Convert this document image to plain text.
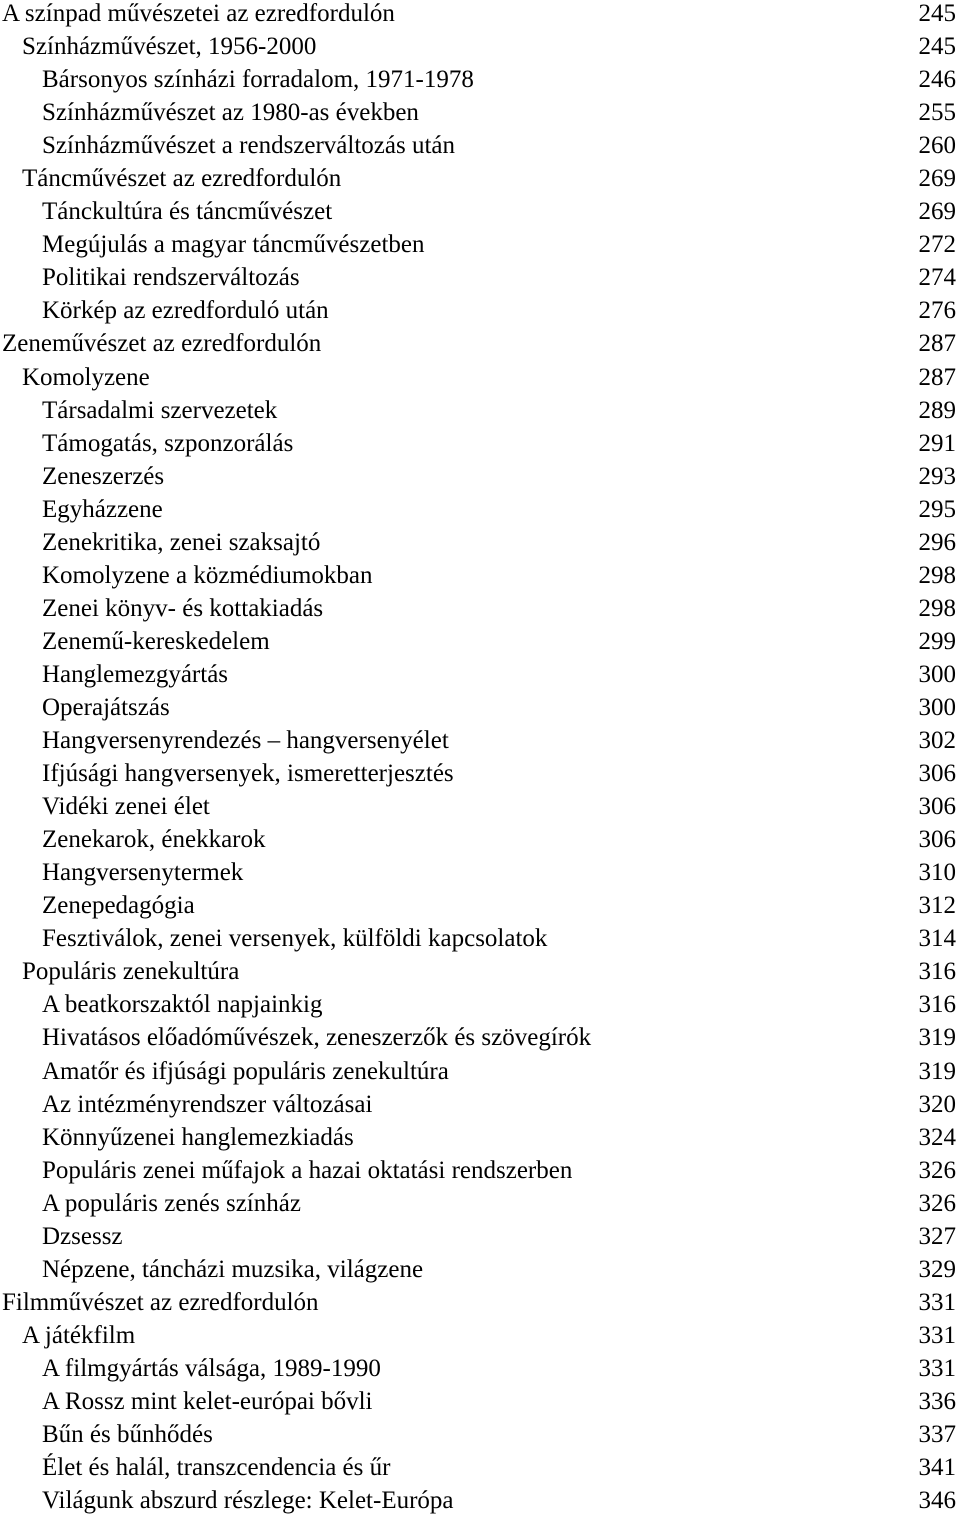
A színpad művészetei az ezredfordulón	245
Színházművészet, 1956-2000	245
Bársonyos színházi forradalom, 1971-1978	246
Színházművészet az 1980-as években	255
Színházművészet a rendszerváltozás után	260
Táncművészet az ezredfordulón	269
Tánckultúra és táncművészet	269
Megújulás a magyar táncművészetben	272
Politikai rendszerváltozás	274
Körkép az ezredforduló után	276
Zeneművészet az ezredfordulón	287
Komolyzene	287
Társadalmi szervezetek	289
Támogatás, szponzorálás	291
Zeneszerzés	293
Egyházzene	295
Zenekritika, zenei szaksajtó	296
Komolyzene a közmédiumokban	298
Zenei könyv- és kottakiadás	298
Zenemű-kereskedelem	299
Hanglemezgyártás	300
Operajátszás	300
Hangversenyrendezés – hangversenyélet	302
Ifjúsági hangversenyek, ismeretterjesztés	306
Vidéki zenei élet	306
Zenekarok, énekkarok	306
Hangversenytermek	310
Zenepedagógia	312
Fesztiválok, zenei versenyek, külföldi kapcsolatok	314
Populáris zenekultúra	316
A beatkorszaktól napjainkig	316
Hivatásos előadóművészek, zeneszerzők és szövegírók	319
Amatőr és ifjúsági populáris zenekultúra	319
Az intézményrendszer változásai	320
Könnyűzenei hanglemezkiadás	324
Populáris zenei műfajok a hazai oktatási rendszerben	326
A populáris zenés színház	326
Dzsessz	327
Népzene, táncházi muzsika, világzene	329
Filmművészet az ezredfordulón	331
A játékfilm	331
A filmgyártás válsága, 1989-1990	331
A Rossz mint kelet-európai bővli	336
Bűn és bűnhődés	337
Élet és halál, transzcendencia és űr	341
Világunk abszurd részlege: Kelet-Európa	346
